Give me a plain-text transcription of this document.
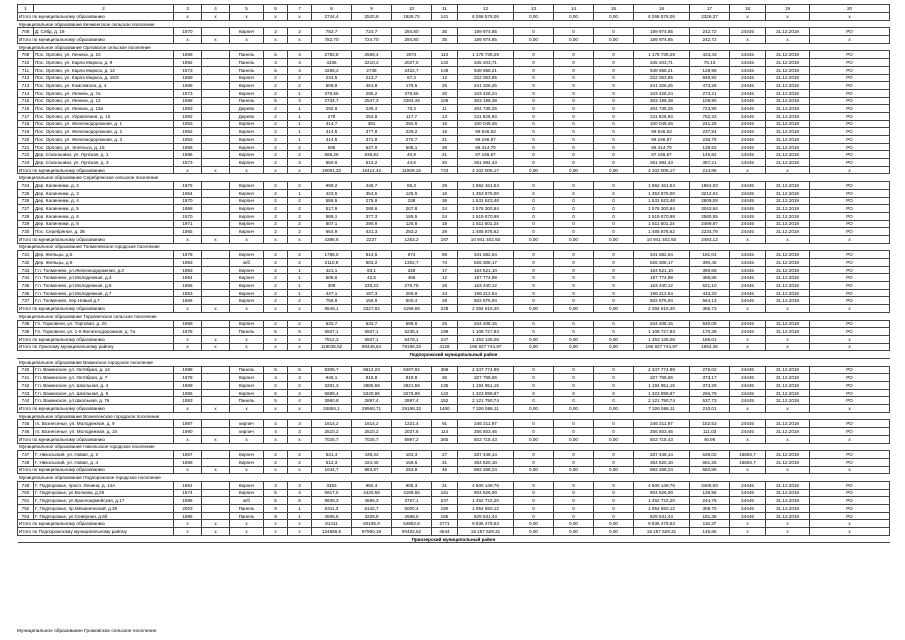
1	2	3	4	5	6	7	8	9	10	11	12	13	14	15	16	17	18	19	20
Итого по муниципальному образованию		x	x	x	x	x	2744,4	2520,8	1926,72	141	6 268 578,06	0,00	0,00	0,00	6 268 578,06	2326,37	x	x	x
Муниципальное образование Кичменгское сельское поселение																			
708	Д. Сябд, д. 19	1970		Кирпич	2	2	782,7	724,7	294,80	35	189 974,65	0	0	0	189 974,65	242,72	24445	31.12.2019	РО
Итого по муниципальному образованию		x	x	x	x	x	782,70	724,70	294,80	35	189 974,65	0,00	0,00	0,00	189 974,65	242,72	x	x	x
Муниципальное образование Орловское сельское поселение																			
709	Пос. Орлово, ул. Ленина, д. 10	1968		Панель	5	4	2782,8	2559,4	2074	110	1 178 739,29	0	0	0	1 178 739,29	423,43	24445	31.12.2019	РО
710	Пос. Орлово, ул. Карла Маркса, д. 9	1982		Панель	3	4	4336	3210,2	2027,5	142	345 203,71	0	0	0	345 203,71	79,13	24445	31.12.2019	РО
711	Пос. Орлово, ул. Карла Маркса, д. 12	1973		Панель	5	4	4256,2	2738	2422,7	148	548 958,21	0	0	0	548 958,21	128,98	24445	31.12.2019	РО
712	Пос. Орлово, ул. Карла Маркса, д. 15/3	1959		Кирпич	2	2	234,5	213,7	67,4	12	222 053,95	0	0	0	222 053,95	946,92	24445	31.12.2019	РО
713	Пос. Орлово, ул. Комсомола, д. 4	1968		Кирпич	2	2	509,9	461,8	179,5	25	241 326,45	0	0	0	241 326,45	473,28	24445	31.12.2019	РО
714	Пос. Орлово, ул. Ленина, д. 7а	1973		Кирпич	2	1	378,56	295,2	378,56	20	103 428,24	0	0	0	103 428,24	273,21	24445	31.12.2019	РО
715	Пос. Орлово, ул. Ленина, д. 12	1968		Панель	5	3	2734,7	2547,3	2284,49	106	303 198,38	0	0	0	303 198,38	109,90	24445	31.12.2019	РО
716	Пос. Орлово, ул. Ленина, д. 13а	1983		Дерево	2	1	292,8	235,4	70,3	11	204 735,25	0	0	0	204 735,25	723,96	24445	31.12.2019	РО
717	Пос. Орлово, ул. Управления, д. 10	1982		Дерево	2	1	278	253,8	117,7	13	211 926,93	0	0	0	211 926,93	762,33	24445	31.12.2019	РО
718	Пос. Орлово, ул. Железнодорожная, д. 1	1953		Кирпич	2	1	414,7	381	292,6	16	100 049,46	0	0	0	100 049,46	241,26	24445	31.12.2019	РО
719	Пос. Орлово, ул. Железнодорожная, д. 2	1952		Кирпич	2	1	414,6	377,8	229,2	18	98 646,63	0	0	0	98 646,63	237,94	24445	31.12.2019	РО
720	Пос. Орлово, ул. Железнодорожная, д. 3	1953		Кирпич	2	1	414,6	371,8	270,7	21	98 166,97	0	0	0	98 166,97	236,78	24445	31.12.2019	РО
721	Пос. Орлово, ул. Энгельса, д. 15	1958		Кирпич	2	2	696	637,9	508,1	38	96 414,70	0	0	0	96 414,70	138,53	24445	31.12.2019	РО
722	Дер. Сокольники, ул. Лунская, д. 1	1986		Кирпич	2	2	666,26	636,82	40,9	21	97 169,57	0	0	0	97 169,57	145,82	24445	31.12.2019	РО
723	Дер. Сокольники, ул. Лунская, д. 3	1973		Кирпич	2	3	650,6	512,2	44,5	20	251 984,43	0	0	0	251 984,43	367,21	24445	31.12.2019	РО
Итого по муниципальному образованию		x	x	x	x	x	19091,32	15412,42	11909,15	723	4 102 005,17	0,00	0,00	0,00	4 102 005,17	214,86	x	x	x
Муниципальное образование Серебрянское сельское поселение																			
724	Дер. Калинники, д. 2	1975		Кирпич	2	2	999,2	446,7	86,3	29	1 962 461,54	0	0	0	1 962 461,54	1964,03	24445	31.12.2019	РО
725	Дер. Калинники, д. 3	1964		Кирпич	2	1	423,5	354,5	125,6	16	1 353 875,00	0	0	0	1 353 875,00	3212,04	24445	31.12.2019	РО
726	Дер. Калинники, д. 4	1970		Кирпич	2	2	586,5	275,9	238	36	1 531 623,48	0	0	0	1 531 623,48	2609,08	24445	31.12.2019	РО
727	Дер. Калинники, д. 5	1968		Кирпич	2	2	517,9	288,6	207,8	24	1 576 300,64	0	0	0	1 576 300,64	3043,64	24445	31.12.2019	РО
728	Дер. Калинники, д. 6	1970		Кирпич	2	2	589,1	377,3	185,5	24	1 519 670,98	0	0	0	1 519 670,98	2580,55	24445	31.12.2019	РО
729	Дер. Калинники, д. 8	1971		Кирпич	2	2	607,1	290,9	126,8	19	1 511 601,24	0	0	0	1 511 601,24	2489,87	24445	31.12.2019	РО
730	Пос. Серебряное, д. 36	1965		Кирпич	2	2	664,9	431,3	283,2	29	1 485 876,62	0	0	0	1 485 876,62	2234,78	24445	31.12.2019	РО
Итого по муниципальному образованию		x	x	x	x	x	4388,6	2237	1253,2	187	10 941 402,50	0,00	0,00	0,00	10 941 402,50	2493,12	x	x	x
Муниципальное образование Толмачевское городское поселение																			
731	Дер. Жельцы, д.5	1978		Кирпич	2	2	1788,5	814,5	974	59	341 682,54	0	0	0	341 682,54	191,04	24445	31.12.2019	РО
732	Дер. Жельцы, д.9	1983		ж/б	2	2	2110,9	803,2	1302,7	73	826 308,17	0	0	0	826 308,17	390,45	24445	31.12.2019	РО
733	Г.п. Толмачево, ул.Железнодорожная, д.3	1983		Кирпич	2	1	421,1	93,1	328	17	164 521,10	0	0	0	164 521,10	390,69	24445	31.12.2019	РО
734	Г.п. Толмачево, ул.Молодежная, д.3	1964		Кирпич	2	1	508,6	42,6	466	12	197 774,99	0	0	0	197 774,99	388,86	24445	31.12.2019	РО
735	Г.п. Толмачево, ул.Молодежная, д.6	1956		Кирпич	2	1	309	230,22	278,78	26	163 440,12	0	0	0	163 440,12	521,10	24445	31.12.2019	РО
736	Г.п. Толмачево, ул.Молодежная, д.7	1953		Кирпич	2	1	447,1	187,3	259,8	13	198 212,54	0	0	0	198 212,54	443,33	24445	31.12.2019	РО
737	Г.п. Толмачево, пер.Новый д.7	1966		Кирпич	2	2	756,9	156,9	600,4	28	502 675,94	0	0	0	502 675,94	664,13	24445	31.12.2019	РО
Итого по муниципальному образованию		x	x	x	x	x	6548,1	2327,82	4196,68	228	2 394 615,40	0,00	0,00	0,00	2 394 615,40	365,73	x	x	x
Муниципальное образование Торковичское сельское поселение																			
738	Гп. Торковичи, ул. Торговая, д. 20	1969		Кирпич	2	2	633,7	634,7	595,6	25	344 408,15	0	0	0	344 408,15	540,08	24445	31.12.2019	РО
739	Гп. Торковичи, ул. 1-я Железнодорожная, д. 7а	1978		Панель	5	6	6507,1	6507,1	5236,4	198	1 108 727,93	0	0	0	1 108 727,93	170,39	24445	31.12.2019	РО
Итого по муниципальному образованию		x	x	x	x	x	7812,3	6507,1	6478,1	247	1 453 136,08	0,00	0,00	0,00	1 453 136,08	186,01	x	x	x
Итого по Лужскому муниципальному району		x	x	x	x	x	119035,52	98446,64	79158,32	4126	196 927 744,87	0,00	0,00	0,00	196 927 744,87	1654,36	x	x	x
Подпорожский муниципальный район																			
Муниципальное образование Важинское городское поселение																			
740	Г.п. Важинское, ул. Октябрая, д. 14	1988		Панель	5	6	8305,7	6612,23	6497,92	366	2 347 774,99	0	0	0	2 347 774,99	276,02	24445	31.12.2019	РО
741	Г.п. Важинское, ул. Октябрая, д. 7	1978		Кирпич	4	3	945,1	815,8	819,8	36	327 758,56	0	0	0	327 758,56	373,17	24445	31.12.2019	РО
742	Г.п. Важинское, ул. Школьная, д. 4	1969		Кирпич	2	2	3201,3	2885,59	2821,59	135	1 194 951,15	0	0	0	1 194 951,15	373,29	24445	31.12.2019	РО
743	Г.п. Важинское, ул. Школьная, д. 5	1955		Кирпич	5	4	5689,4	5340,96	3276,89	142	1 323 899,67	0	0	0	1 323 899,67	266,79	24445	31.12.2019	РО
744	Г.п. Важинское, ул.Школьная, д. 7в	1993		Панель	5	4	3960,8	2897,4	2897,4	152	2 121 790,74	0	0	0	2 121 790,74	537,73	24445	31.12.2019	РО
Итого по муниципальному образованию		x	x	x	x	x	24884,1	29560,71	29188,32	1460	7 326 066,11	0,00	0,00	0,00	7 326 066,11	210,01	x	x	x
Муниципальное образование Вознесенское городское поселение																			
745	гп. Вознесенье, ул. Молодежная, д. 9	1987		кирпич	4	3	1614,2	1614,2	1221,4	91	246 211,97	0	0	0	246 211,97	152,53	24445	31.12.2019	РО
746	гп. Вознесенье, ул. Молодежная, д. 10	1990		кирпич	4	3	2510,2	2510,2	2027,6	114	256 503,46	0	0	0	256 503,46	111,03	24445	31.12.2019	РО
Итого по муниципальному образованию		x	x	x	x	x	7025,7	7025,7	6997,2	265	502 715,43	0,00	0,00	0,00	502 715,43	46,96	x	x	x
Муниципальное образование Никольское городское поселение																			
747	Г. Никольский, ул. Новая, д. 2	1967		Кирпич	2	2	531,4	439,42	103,3	27	337 448,14	0	0	0	337 448,14	635,02	16593,7	31.12.2019	РО
748	Г. Никольский, ул. Новая, д. 4	1968		Кирпич	2	2	512,3	424,45	159,5	31	354 820,10	0	0	0	354 820,10	691,25	16593,7	31.12.2019	РО
Итого по муниципальному образованию		x	x	x	x	x	1044,7	863,87	253,8	48	692 268,24	0,00	0,00	0,00	692 268,24	662,65	x	x	x
Муниципальное образование Подпорожское городское поселение																			
749	Г. Подпорожье, просп. Ленина, д. 14А	1961		Кирпич	3	3	3353	992,4	908,3	31	4 600 149,76	0	0	0	4 600 149,76	3405,00	24445	31.12.2019	РО
750	Г. Подпорожье, ул.Волкова, д.29	1974		Кирпич	5	4	5917,5	4420,58	4188,55	181	804 526,00	0	0	0	804 526,00	135,96	24445	31.12.2019	РО
751	Г. Подпорожье, ул.Красноармейская, д.17	1986		ж/б	5	6	9939,3	4586,3	3767,1	247	1 452 722,20	0	0	0	1 452 722,20	244,76	24445	31.12.2019	РО
752	Г. Подпорожье, пр.Механический, д.36	2003		Панель	9	1	6311,3	5142,7	5000,4	190	1 954 550,12	0	0	0	1 954 550,12	309,70	24445	31.12.2019	РО
753	Г. Подпорожье, ул.Северная, д.6б	1995		Панель	9	1	4505,6	3228,8	2688,5	165	825 531,44	0	0	0	825 531,44	181,38	24445	31.12.2019	РО
Итого по муниципальному образованию		x	x	x	x	x	81411	60195,9	54862,6	2771	9 636 479,53	0,00	0,00	0,00	9 636 479,53	118,37	x	x	x
Итого по Подпорожскому муниципальному району		x	x	x	x	x	124669,5	97950,19	90402,62	4544	18 157 629,31	0,00	0,00	0,00	18 157 629,31	145,65	x	x	x
Приозерский муниципальный район																			
Муниципальное образование Громовское сельское поселение
